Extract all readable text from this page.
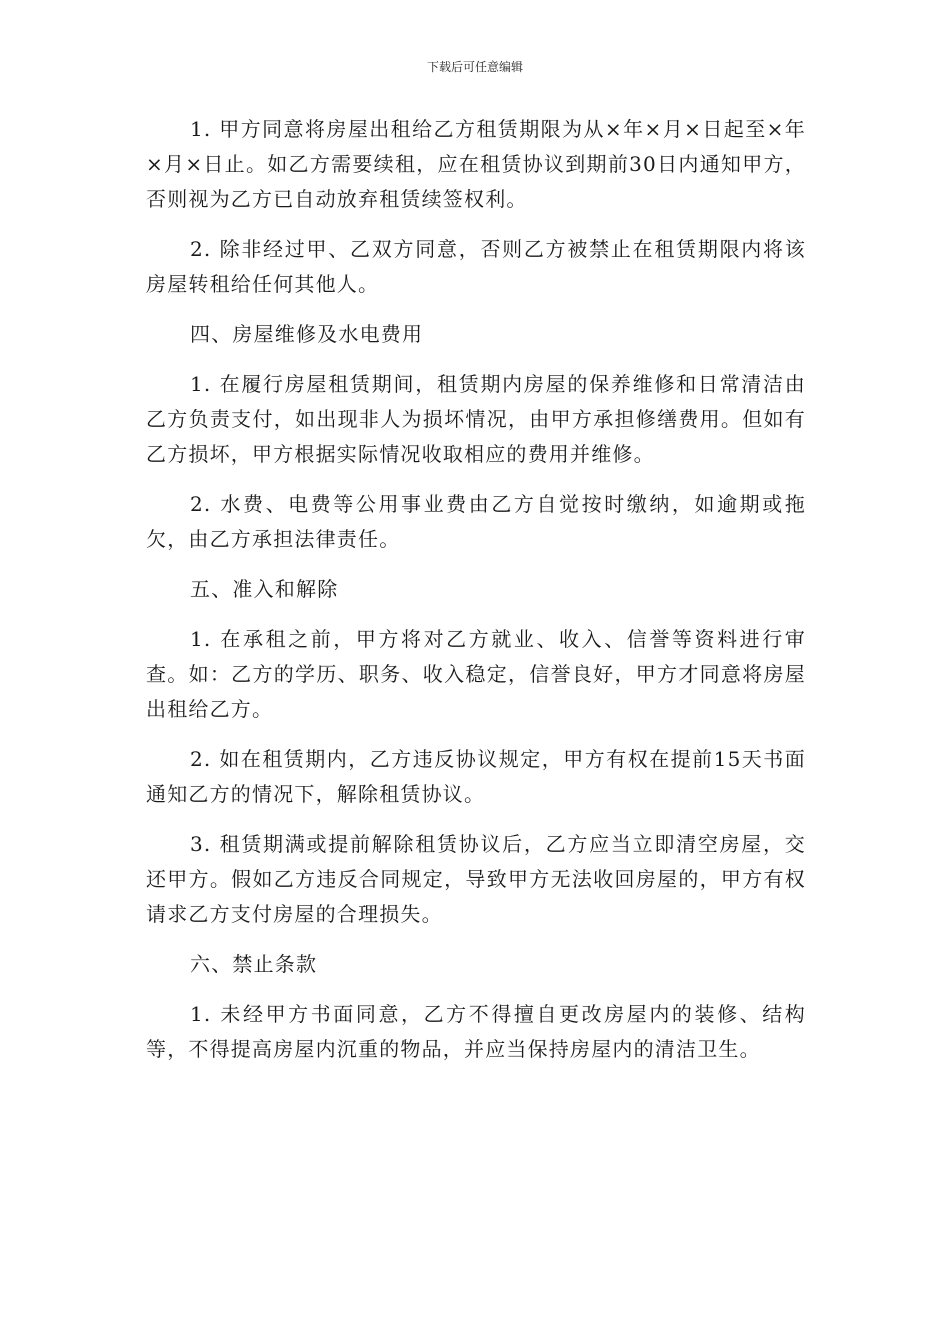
下载后可任意编辑

1. 甲方同意将房屋出租给乙方租赁期限为从×年×月×日起至×年×月×日止。如乙方需要续租，应在租赁协议到期前30日内通知甲方，否则视为乙方已自动放弃租赁续签权利。

2. 除非经过甲、乙双方同意，否则乙方被禁止在租赁期限内将该房屋转租给任何其他人。

四、房屋维修及水电费用

1. 在履行房屋租赁期间，租赁期内房屋的保养维修和日常清洁由乙方负责支付，如出现非人为损坏情况，由甲方承担修缮费用。但如有乙方损坏，甲方根据实际情况收取相应的费用并维修。

2. 水费、电费等公用事业费由乙方自觉按时缴纳，如逾期或拖欠，由乙方承担法律责任。

五、准入和解除

1. 在承租之前，甲方将对乙方就业、收入、信誉等资料进行审查。如：乙方的学历、职务、收入稳定，信誉良好，甲方才同意将房屋出租给乙方。

2. 如在租赁期内，乙方违反协议规定，甲方有权在提前15天书面通知乙方的情况下，解除租赁协议。

3. 租赁期满或提前解除租赁协议后，乙方应当立即清空房屋，交还甲方。假如乙方违反合同规定，导致甲方无法收回房屋的，甲方有权请求乙方支付房屋的合理损失。

六、禁止条款

1. 未经甲方书面同意，乙方不得擅自更改房屋内的装修、结构等，不得提高房屋内沉重的物品，并应当保持房屋内的清洁卫生。
